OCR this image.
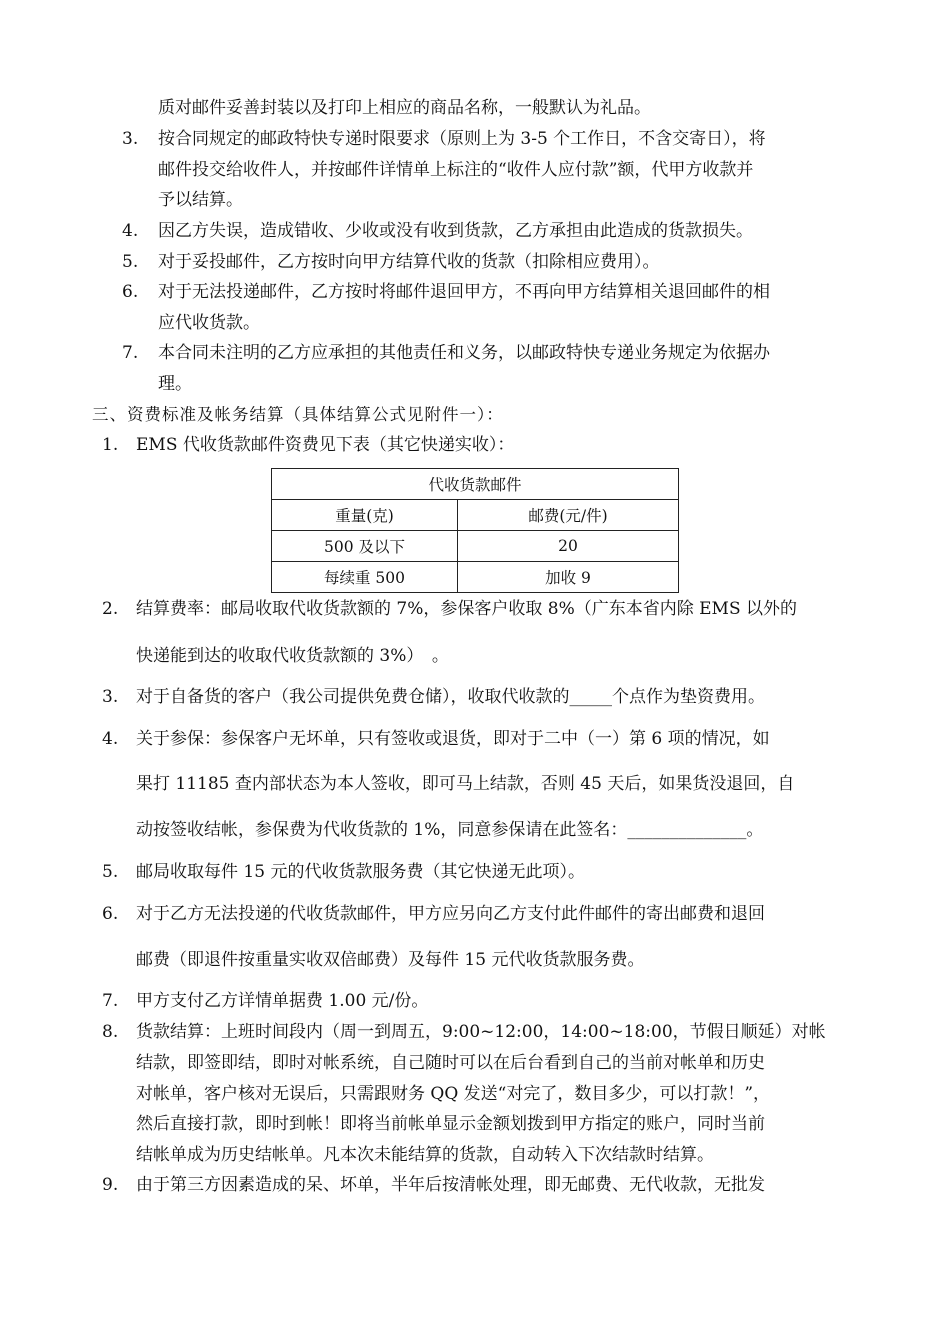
质对邮件妥善封装以及打印上相应的商品名称，一般默认为礼品。
3. 按合同规定的邮政特快专递时限要求（原则上为 3-5 个工作日，不含交寄日），将
邮件投交给收件人，并按邮件详情单上标注的“收件人应付款”额，代甲方收款并
予以结算。
4. 因乙方失误，造成错收、少收或没有收到货款，乙方承担由此造成的货款损失。
5. 对于妥投邮件，乙方按时向甲方结算代收的货款（扣除相应费用）。
6. 对于无法投递邮件，乙方按时将邮件退回甲方，不再向甲方结算相关退回邮件的相
应代收货款。
7. 本合同未注明的乙方应承担的其他责任和义务，以邮政特快专递业务规定为依据办
理。
三、资费标准及帐务结算（具体结算公式见附件一）：
1. EMS 代收货款邮件资费见下表（其它快递实收）：
代收货款邮件	
重量(克)	邮费(元/件)
500 及以下	20
每续重 500	加收 9
2. 结算费率：邮局收取代收货款额的 7%，参保客户收取 8%（广东本省内除 EMS 以外的
快递能到达的收取代收货款额的 3%）　。
3. 对于自备货的客户（我公司提供免费仓储），收取代收款的_____个点作为垫资费用。
4. 关于参保：参保客户无坏单，只有签收或退货，即对于二中（一）第 6 项的情况，如
果打 11185 查内部状态为本人签收，即可马上结款，否则 45 天后，如果货没退回，自
动按签收结帐，参保费为代收货款的 1%，同意参保请在此签名：______________。
5. 邮局收取每件 15 元的代收货款服务费（其它快递无此项）。
6. 对于乙方无法投递的代收货款邮件，甲方应另向乙方支付此件邮件的寄出邮费和退回
邮费（即退件按重量实收双倍邮费）及每件 15 元代收货款服务费。
7. 甲方支付乙方详情单据费 1.00 元/份。
8. 货款结算：上班时间段内（周一到周五，9:00~12:00，14:00~18:00，节假日顺延）对帐
结款，即签即结，即时对帐系统，自己随时可以在后台看到自己的当前对帐单和历史
对帐单，客户核对无误后，只需跟财务 QQ 发送“对完了，数目多少，可以打款！”，
然后直接打款，即时到帐！即将当前帐单显示金额划拨到甲方指定的账户，同时当前
结帐单成为历史结帐单。凡本次未能结算的货款，自动转入下次结款时结算。
9. 由于第三方因素造成的呆、坏单，半年后按清帐处理，即无邮费、无代收款，无批发
